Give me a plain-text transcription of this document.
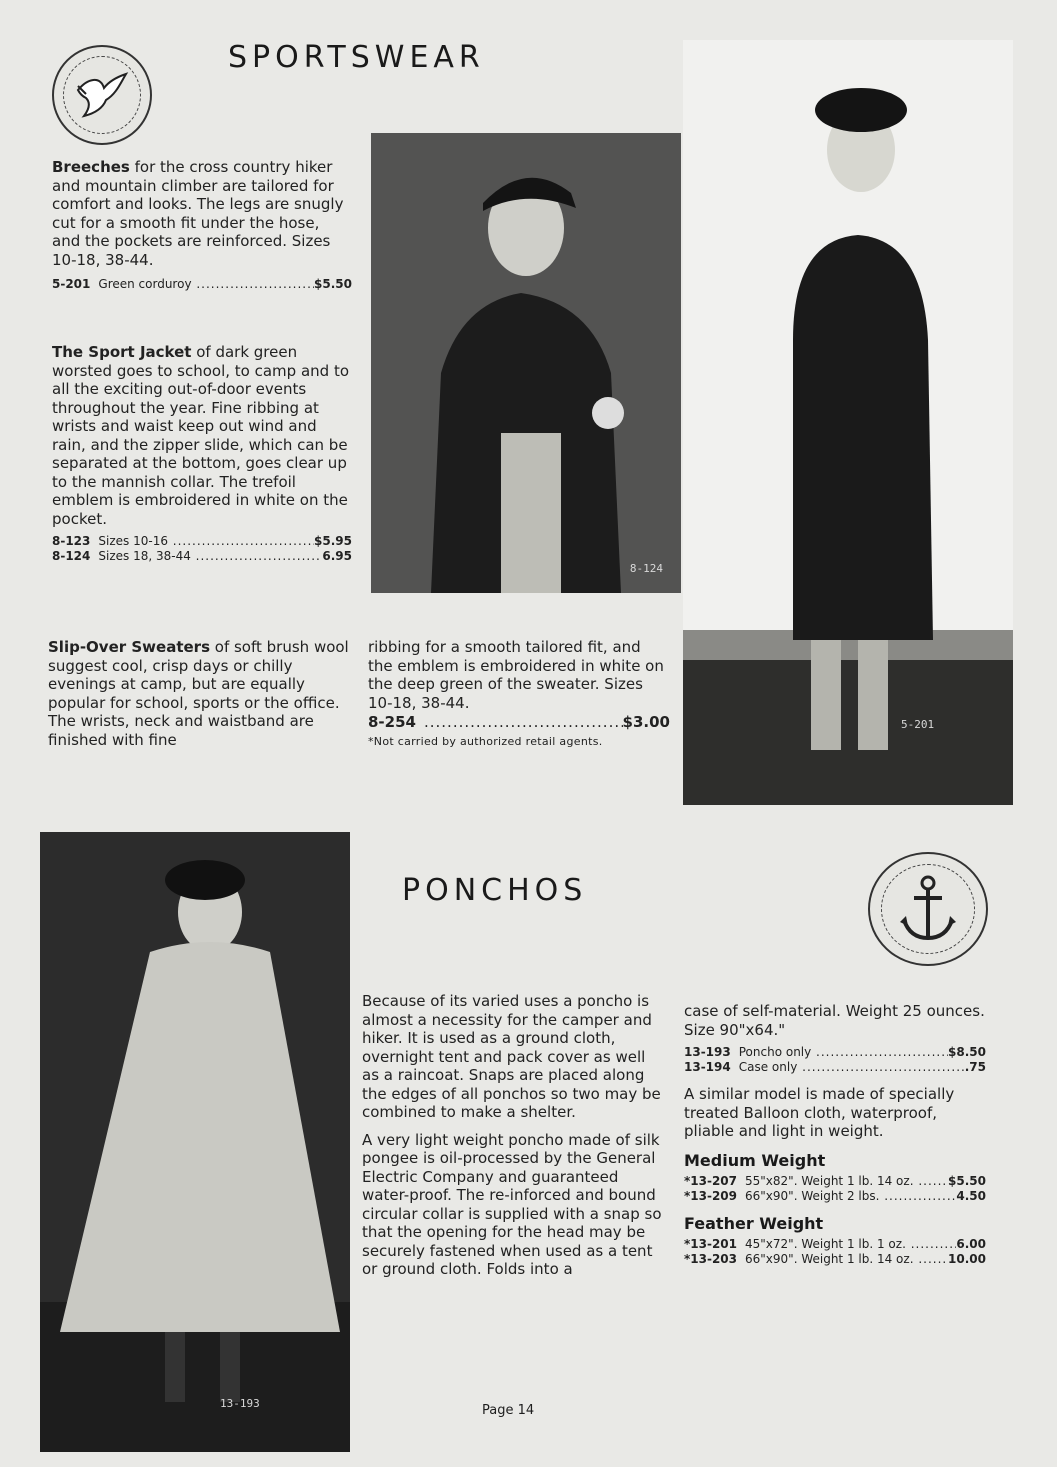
SPORTSWEAR

Breeches for the cross country hiker and mountain climber are tailored for comfort and looks. The legs are snugly cut for a smooth fit under the hose, and the pockets are reinforced. Sizes 10-18, 38-44.

5-201 Green corduroy .....	$5.50

The Sport Jacket of dark green worsted goes to school, to camp and to all the exciting out-of-door events throughout the year. Fine ribbing at wrists and waist keep out wind and rain, and the zipper slide, which can be separated at the bottom, goes clear up to the mannish collar. The trefoil emblem is embroidered in white on the pocket.

8-123 Sizes 10-16 .....	$5.95
8-124 Sizes 18, 38-44 .....	6.95
8-124
5-201

Slip-Over Sweaters of soft brush wool suggest cool, crisp days or chilly evenings at camp, but are equally popular for school, sports or the office. The wrists, neck and waistband are finished with fine

ribbing for a smooth tailored fit, and the emblem is embroidered in white on the deep green of the sweater. Sizes 10-18, 38-44.

8-254
.....	$3.00
*Not carried by authorized retail agents.
13-193
PONCHOS

Because of its varied uses a poncho is almost a necessity for the camper and hiker. It is used as a ground cloth, overnight tent and pack cover as well as a raincoat. Snaps are placed along the edges of all ponchos so two may be combined to make a shelter.

A very light weight poncho made of silk pongee is oil-processed by the General Electric Company and guaranteed water-proof. The re-inforced and bound circular collar is supplied with a snap so that the opening for the head may be securely fastened when used as a tent or ground cloth. Folds into a

case of self-material. Weight 25 ounces. Size 90"x64."

13-193 Poncho only .....	$8.50
13-194 Case only .....	.75

A similar model is made of specially treated Balloon cloth, waterproof, pliable and light in weight.

Medium Weight
*13-207 55"x82". Weight 1 lb. 14 oz. .....	$5.50
*13-209 66"x90". Weight 2 lbs. .....	4.50
Feather Weight
*13-201 45"x72". Weight 1 lb. 1 oz. .....	6.00
*13-203 66"x90". Weight 1 lb. 14 oz. .....	10.00
Page 14
